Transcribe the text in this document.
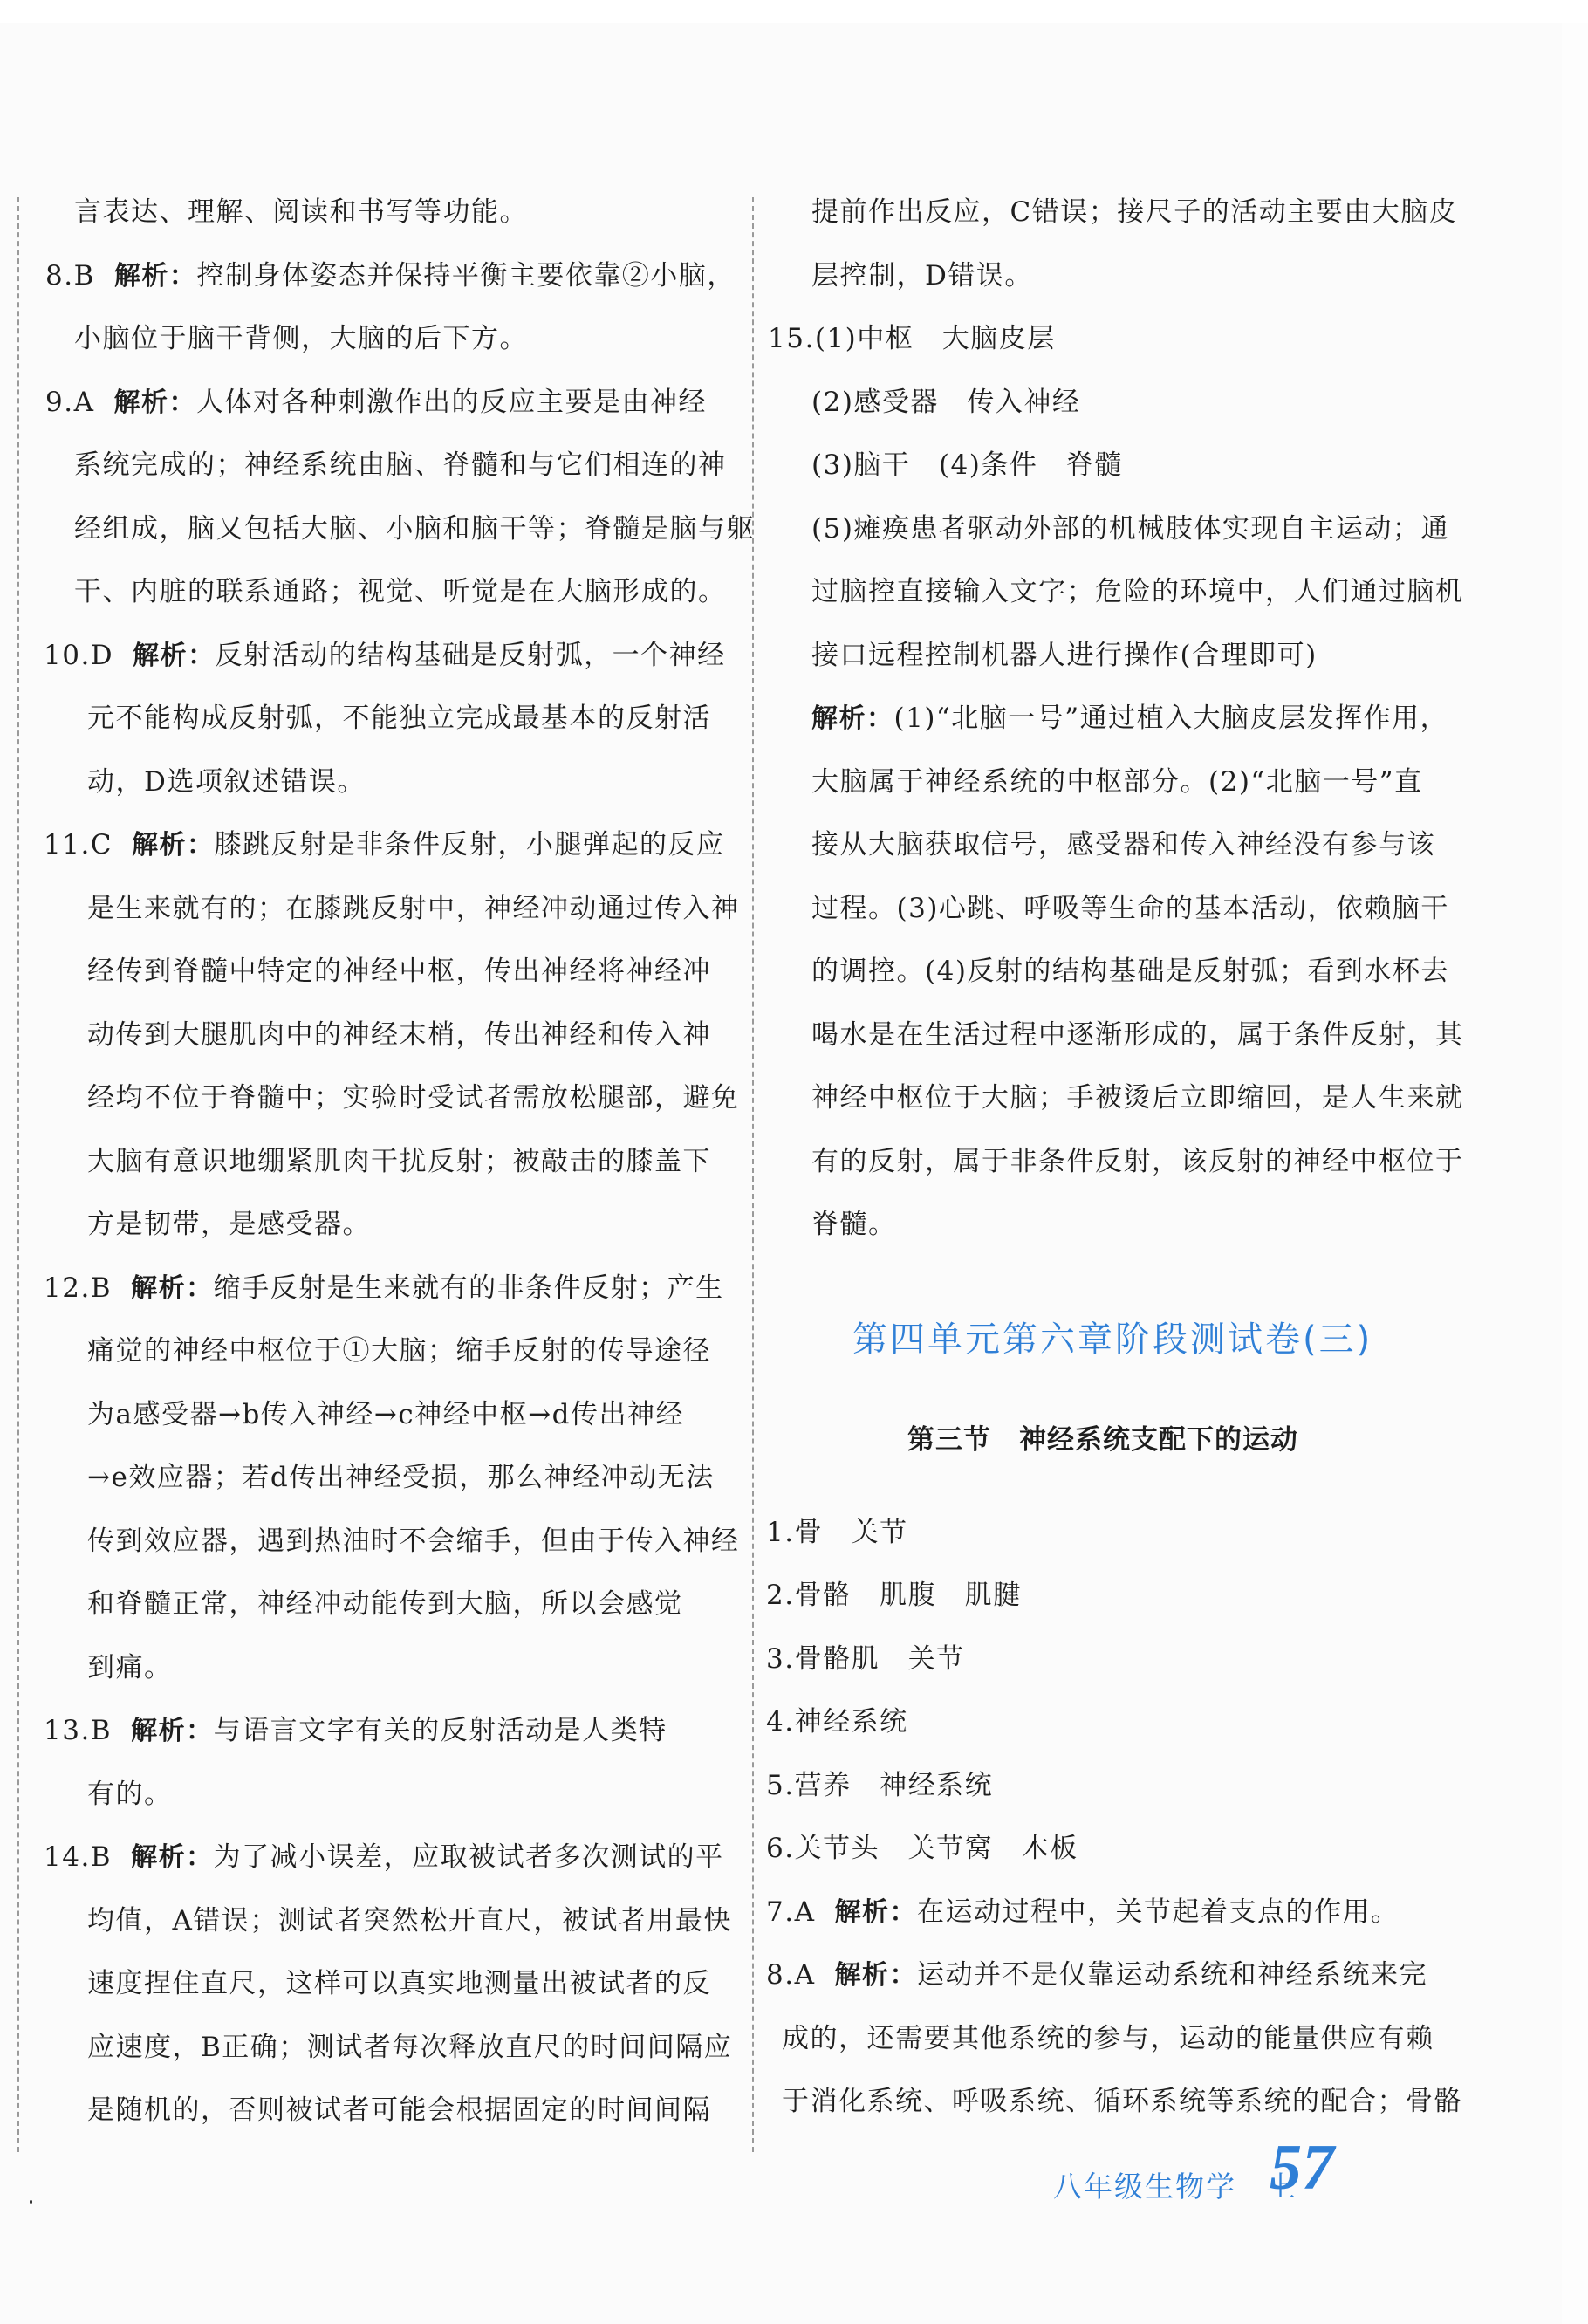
言表达、理解、阅读和书写等功能。
8.B 解析：控制身体姿态并保持平衡主要依靠②小脑，
小脑位于脑干背侧，大脑的后下方。
9.A 解析：人体对各种刺激作出的反应主要是由神经
系统完成的；神经系统由脑、脊髓和与它们相连的神
经组成，脑又包括大脑、小脑和脑干等；脊髓是脑与躯
干、内脏的联系通路；视觉、听觉是在大脑形成的。
10.D 解析：反射活动的结构基础是反射弧，一个神经
元不能构成反射弧，不能独立完成最基本的反射活
动，D选项叙述错误。
11.C 解析：膝跳反射是非条件反射，小腿弹起的反应
是生来就有的；在膝跳反射中，神经冲动通过传入神
经传到脊髓中特定的神经中枢，传出神经将神经冲
动传到大腿肌肉中的神经末梢，传出神经和传入神
经均不位于脊髓中；实验时受试者需放松腿部，避免
大脑有意识地绷紧肌肉干扰反射；被敲击的膝盖下
方是韧带，是感受器。
12.B 解析：缩手反射是生来就有的非条件反射；产生
痛觉的神经中枢位于①大脑；缩手反射的传导途径
为a感受器→b传入神经→c神经中枢→d传出神经
→e效应器；若d传出神经受损，那么神经冲动无法
传到效应器，遇到热油时不会缩手，但由于传入神经
和脊髓正常，神经冲动能传到大脑，所以会感觉
到痛。
13.B 解析：与语言文字有关的反射活动是人类特
有的。
14.B 解析：为了减小误差，应取被试者多次测试的平
均值，A错误；测试者突然松开直尺，被试者用最快
速度捏住直尺，这样可以真实地测量出被试者的反
应速度，B正确；测试者每次释放直尺的时间间隔应
是随机的，否则被试者可能会根据固定的时间间隔
提前作出反应，C错误；接尺子的活动主要由大脑皮
层控制，D错误。
15.(1)中枢　大脑皮层
(2)感受器　传入神经
(3)脑干　(4)条件　脊髓
(5)瘫痪患者驱动外部的机械肢体实现自主运动；通
过脑控直接输入文字；危险的环境中，人们通过脑机
接口远程控制机器人进行操作(合理即可)
解析：(1)“北脑一号”通过植入大脑皮层发挥作用，
大脑属于神经系统的中枢部分。(2)“北脑一号”直
接从大脑获取信号，感受器和传入神经没有参与该
过程。(3)心跳、呼吸等生命的基本活动，依赖脑干
的调控。(4)反射的结构基础是反射弧；看到水杯去
喝水是在生活过程中逐渐形成的，属于条件反射，其
神经中枢位于大脑；手被烫后立即缩回，是人生来就
有的反射，属于非条件反射，该反射的神经中枢位于
脊髓。
1.骨　关节
2.骨骼　肌腹　肌腱
3.骨骼肌　关节
4.神经系统
5.营养　神经系统
6.关节头　关节窝　木板
7.A 解析：在运动过程中，关节起着支点的作用。
8.A 解析：运动并不是仅靠运动系统和神经系统来完
成的，还需要其他系统的参与，运动的能量供应有赖
于消化系统、呼吸系统、循环系统等系统的配合；骨骼
第四单元第六章阶段测试卷(三)
第三节　神经系统支配下的运动
八年级生物学　上
57
